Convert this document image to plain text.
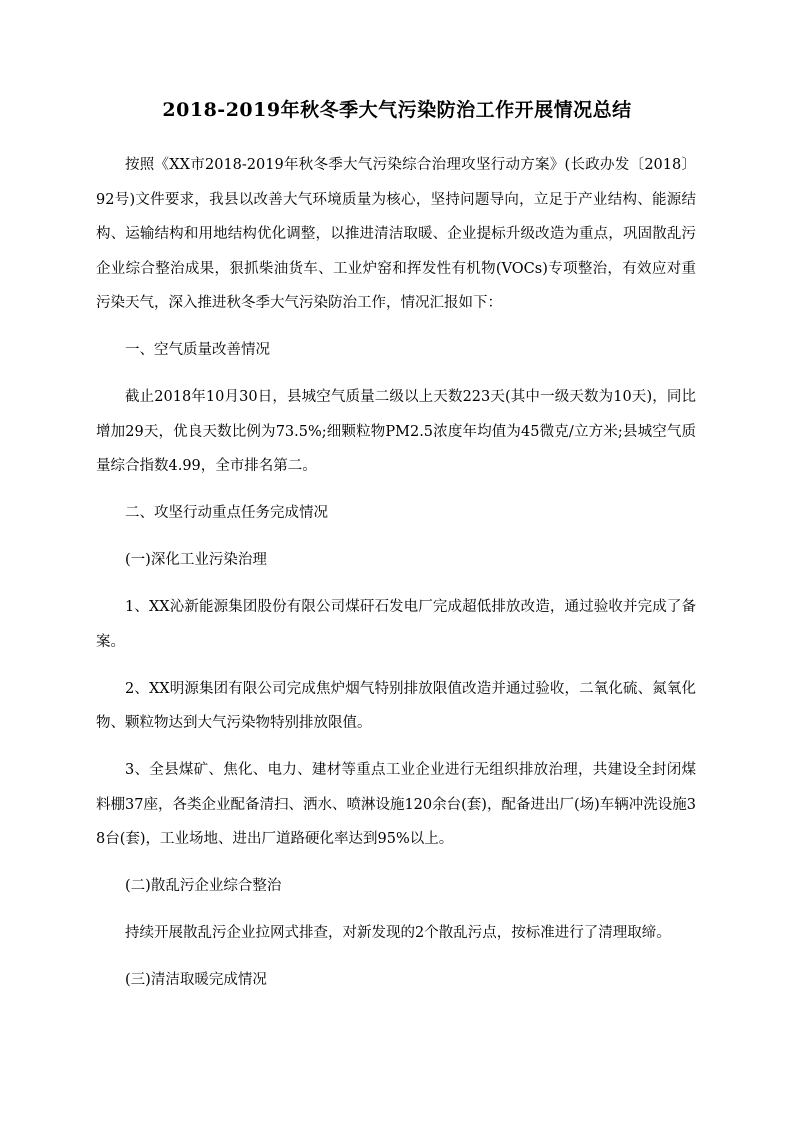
2018-2019年秋冬季大气污染防治工作开展情况总结

按照《XX市2018-2019年秋冬季大气污染综合治理攻坚行动方案》(长政办发〔2018〕92号)文件要求，我县以改善大气环境质量为核心，坚持问题导向，立足于产业结构、能源结构、运输结构和用地结构优化调整，以推进清洁取暖、企业提标升级改造为重点，巩固散乱污企业综合整治成果，狠抓柴油货车、工业炉窑和挥发性有机物(VOCs)专项整治，有效应对重污染天气，深入推进秋冬季大气污染防治工作，情况汇报如下：

一、空气质量改善情况

截止2018年10月30日，县城空气质量二级以上天数223天(其中一级天数为10天)，同比增加29天，优良天数比例为73.5%;细颗粒物PM2.5浓度年均值为45微克/立方米;县城空气质量综合指数4.99，全市排名第二。

二、攻坚行动重点任务完成情况

(一)深化工业污染治理

1、XX沁新能源集团股份有限公司煤矸石发电厂完成超低排放改造，通过验收并完成了备案。

2、XX明源集团有限公司完成焦炉烟气特别排放限值改造并通过验收，二氧化硫、氮氧化物、颗粒物达到大气污染物特别排放限值。

3、全县煤矿、焦化、电力、建材等重点工业企业进行无组织排放治理，共建设全封闭煤料棚37座，各类企业配备清扫、洒水、喷淋设施120余台(套)，配备进出厂(场)车辆冲洗设施38台(套)，工业场地、进出厂道路硬化率达到95%以上。

(二)散乱污企业综合整治

持续开展散乱污企业拉网式排查，对新发现的2个散乱污点，按标准进行了清理取缔。

(三)清洁取暖完成情况
